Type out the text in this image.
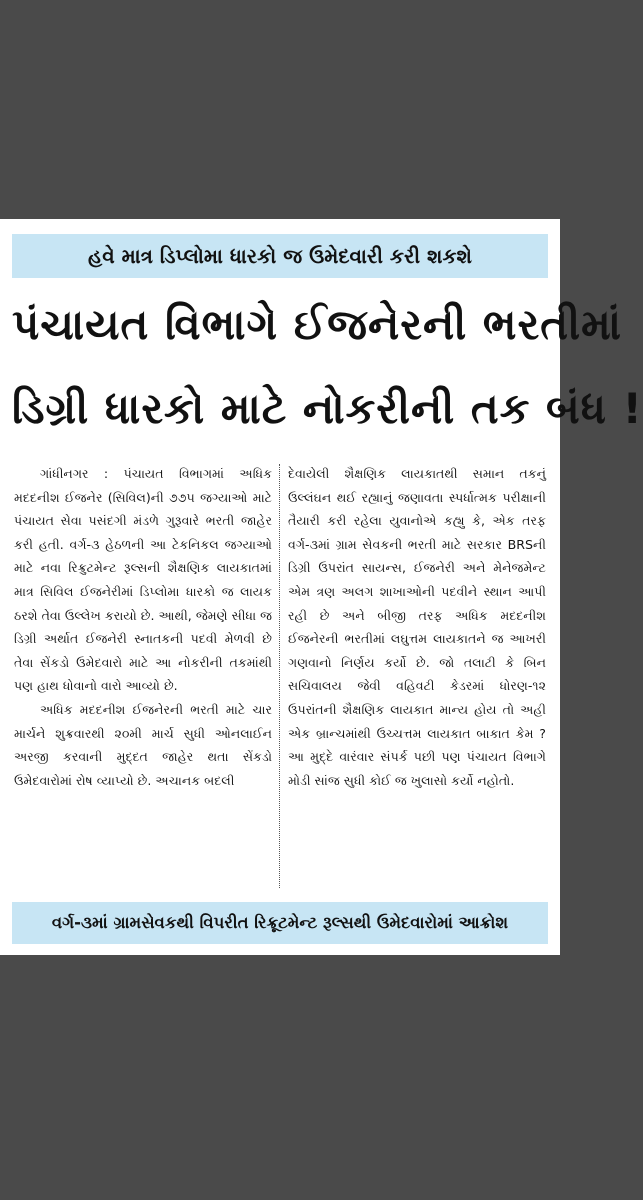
હવે માત્ર ડિપ્લોમા ધારકો જ ઉમેદવારી કરી શકશે
પંચાયત વિભાગે ઈજનેરની ભરતીમાં
ડિગ્રી ધારકો માટે નોકરીની તક બંધ !

ગાંધીનગર : પંચાયત વિભાગમાં અધિક મદદનીશ ઈજનેર (સિવિલ)ની ૭૭૫ જગ્યાઓ માટે પંચાયત સેવા પસંદગી મંડળે ગુરૂવારે ભરતી જાહેર કરી હતી. વર્ગ-૩ હેઠળની આ ટેકનિકલ જગ્યાઓ માટે નવા રિક્રુટમેન્ટ રૂલ્સની શૈક્ષણિક લાયકાતમાં માત્ર સિવિલ ઈજનેરીમાં ડિપ્લોમા ધારકો જ લાયક ઠરશે તેવા ઉલ્લેખ કરાયો છે. આથી, જેમણે સીધા જ ડિગ્રી અર્થાત ઈજનેરી સ્નાતકની પદવી મેળવી છે તેવા સેંકડો ઉમેદવારો માટે આ નોકરીની તકમાંથી પણ હાથ ધોવાનો વારો આવ્યો છે.

અધિક મદદનીશ ઈજનેરની ભરતી માટે ચાર માર્ચને શુક્રવારથી ૨૦મી માર્ચ સુધી ઓનલાઈન અરજી કરવાની મુદ્દત જાહેર થતા સેંકડો ઉમેદવારોમાં રોષ વ્યાપ્યો છે. અચાનક બદલી

દેવાયેલી શૈક્ષણિક લાયકાતથી સમાન તકનું ઉલ્લંઘન થઈ રહ્યાનું જણાવતા સ્પર્ધાત્મક પરીક્ષાની તૈયારી કરી રહેલા યુવાનોએ કહ્યુ કે, એક તરફ વર્ગ-૩માં ગ્રામ સેવકની ભરતી માટે સરકાર BRSની ડિગ્રી ઉપરાંત સાયન્સ, ઈજનેરી અને મેનેજમેન્ટ એમ ત્રણ અલગ શાખાઓની પદવીને સ્થાન આપી રહી છે અને બીજી તરફ અધિક મદદનીશ ઈજનેરની ભરતીમાં લઘુત્તમ લાયકાતને જ આખરી ગણવાનો નિર્ણય કર્યો છે. જો તલાટી કે બિન સચિવાલય જેવી વહિવટી કેડરમાં ધોરણ-૧૨ ઉપરાંતની શૈક્ષણિક લાયકાત માન્ય હોય તો અહી એક બ્રાન્ચમાંથી ઉચ્ચત્તમ લાયકાત બાકાત કેમ ? આ મુદ્દે વારંવાર સંપર્ક પછી પણ પંચાયત વિભાગે મોડી સાંજ સુધી કોઈ જ ખુલાસો કર્યો નહોતો.

વર્ગ-૩માં ગ્રામસેવકથી વિપરીત રિક્રૂટમેન્ટ રૂલ્સથી ઉમેદવારોમાં આક્રોશ
